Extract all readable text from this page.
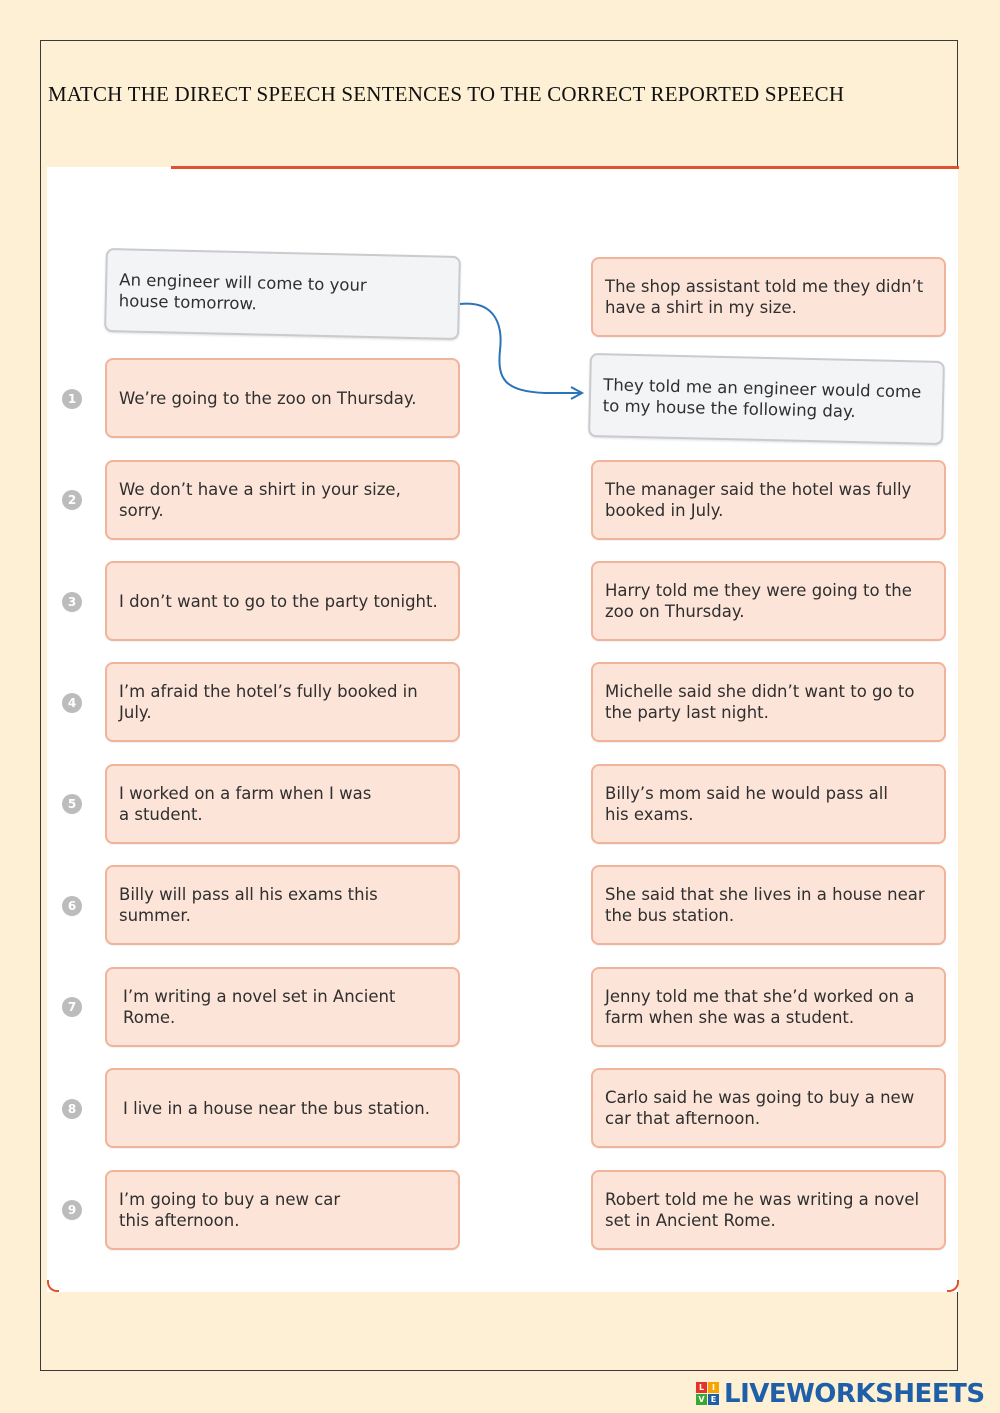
MATCH THE DIRECT SPEECH SENTENCES TO THE CORRECT REPORTED SPEECH
An engineer will come to your house tomorrow.
They told me an engineer would come to my house the following day.
1	We’re going to the zoo on Thursday.
2
We don’t have a shirt in your size, sorry.
3	I don’t want to go to the party tonight.
4
I’m afraid the hotel’s fully booked in July.
5
I worked on a farm when I was a student.
6
Billy will pass all his exams this summer.
7
I’m writing a novel set in Ancient Rome.
8	I live in a house near the bus station.
9
I’m going to buy a new car this afternoon.
The shop assistant told me they didn’t have a shirt in my size.
The manager said the hotel was fully booked in July.
Harry told me they were going to the zoo on Thursday.
Michelle said she didn’t want to go to the party last night.
Billy’s mom said he would pass all his exams.
She said that she lives in a house near the bus station.
Jenny told me that she’d worked on a farm when she was a student.
Carlo said he was going to buy a new car that afternoon.
Robert told me he was writing a novel set in Ancient Rome.
L I
V E LIVEWORKSHEETS
